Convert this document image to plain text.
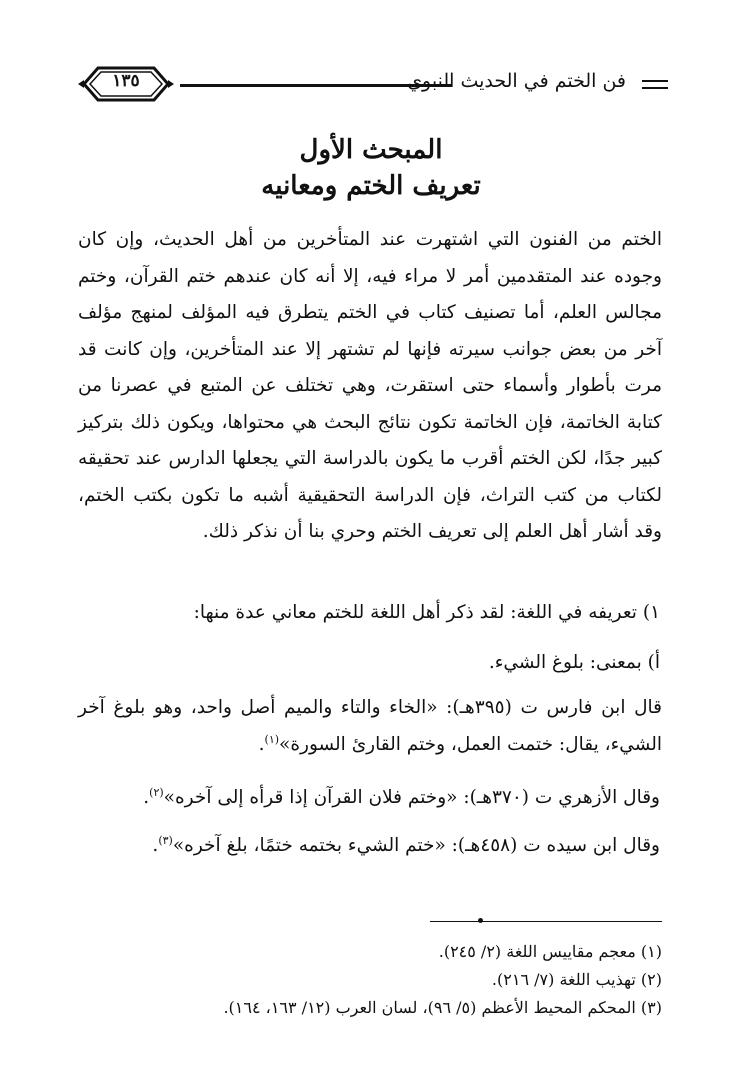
فن الختم في الحديث النبوي
١٣٥
المبحث الأول
تعريف الختم ومعانيه
الختم من الفنون التي اشتهرت عند المتأخرين من أهل الحديث، وإن كان وجوده عند المتقدمين أمر لا مراء فيه، إلا أنه كان عندهم ختم القرآن، وختم مجالس العلم، أما تصنيف كتاب في الختم يتطرق فيه المؤلف لمنهج مؤلف آخر من بعض جوانب سيرته فإنها لم تشتهر إلا عند المتأخرين، وإن كانت قد مرت بأطوار وأسماء حتى استقرت، وهي تختلف عن المتبع في عصرنا من كتابة الخاتمة، فإن الخاتمة تكون نتائج البحث هي محتواها، ويكون ذلك بتركيز كبير جدًا، لكن الختم أقرب ما يكون بالدراسة التي يجعلها الدارس عند تحقيقه لكتاب من كتب التراث، فإن الدراسة التحقيقية أشبه ما تكون بكتب الختم، وقد أشار أهل العلم إلى تعريف الختم وحري بنا أن نذكر ذلك.
١) تعريفه في اللغة: لقد ذكر أهل اللغة للختم معاني عدة منها:
أ) بمعنى: بلوغ الشيء.
قال ابن فارس ت (٣٩٥هـ): «الخاء والتاء والميم أصل واحد، وهو بلوغ آخر الشيء، يقال: ختمت العمل، وختم القارئ السورة»$^{(١)}$.
وقال الأزهري ت (٣٧٠هـ): «وختم فلان القرآن إذا قرأه إلى آخره»$^{(٢)}$.
وقال ابن سيده ت (٤٥٨هـ): «ختم الشيء بختمه ختمًا، بلغ آخره»$^{(٣)}$.
(١) معجم مقاييس اللغة (٢/ ٢٤٥).
(٢) تهذيب اللغة (٧/ ٢١٦).
(٣) المحكم المحيط الأعظم (٥/ ٩٦)، لسان العرب (١٢/ ١٦٣، ١٦٤).
